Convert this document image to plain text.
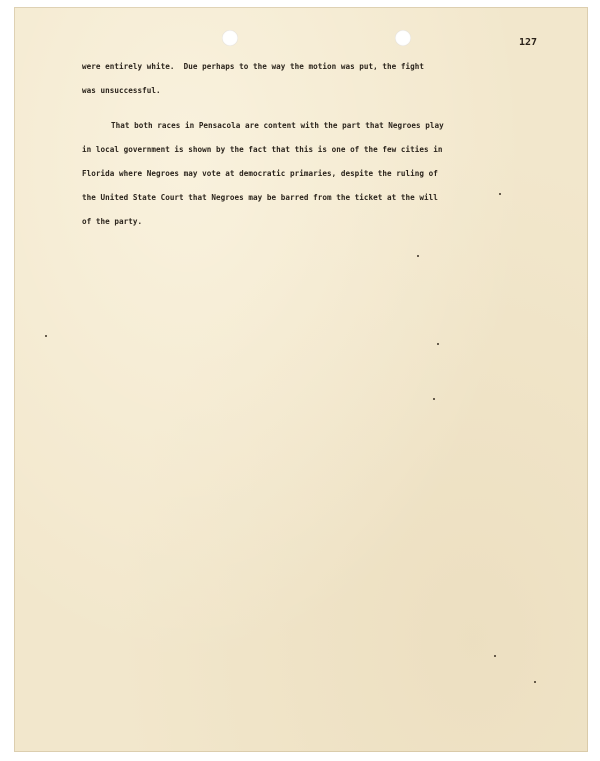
127
were entirely white.  Due perhaps to the way the motion was put, the fight
was unsuccessful.
That both races in Pensacola are content with the part that Negroes play
in local government is shown by the fact that this is one of the few cities in
Florida where Negroes may vote at democratic primaries, despite the ruling of
the United State Court that Negroes may be barred from the ticket at the will
of the party.
